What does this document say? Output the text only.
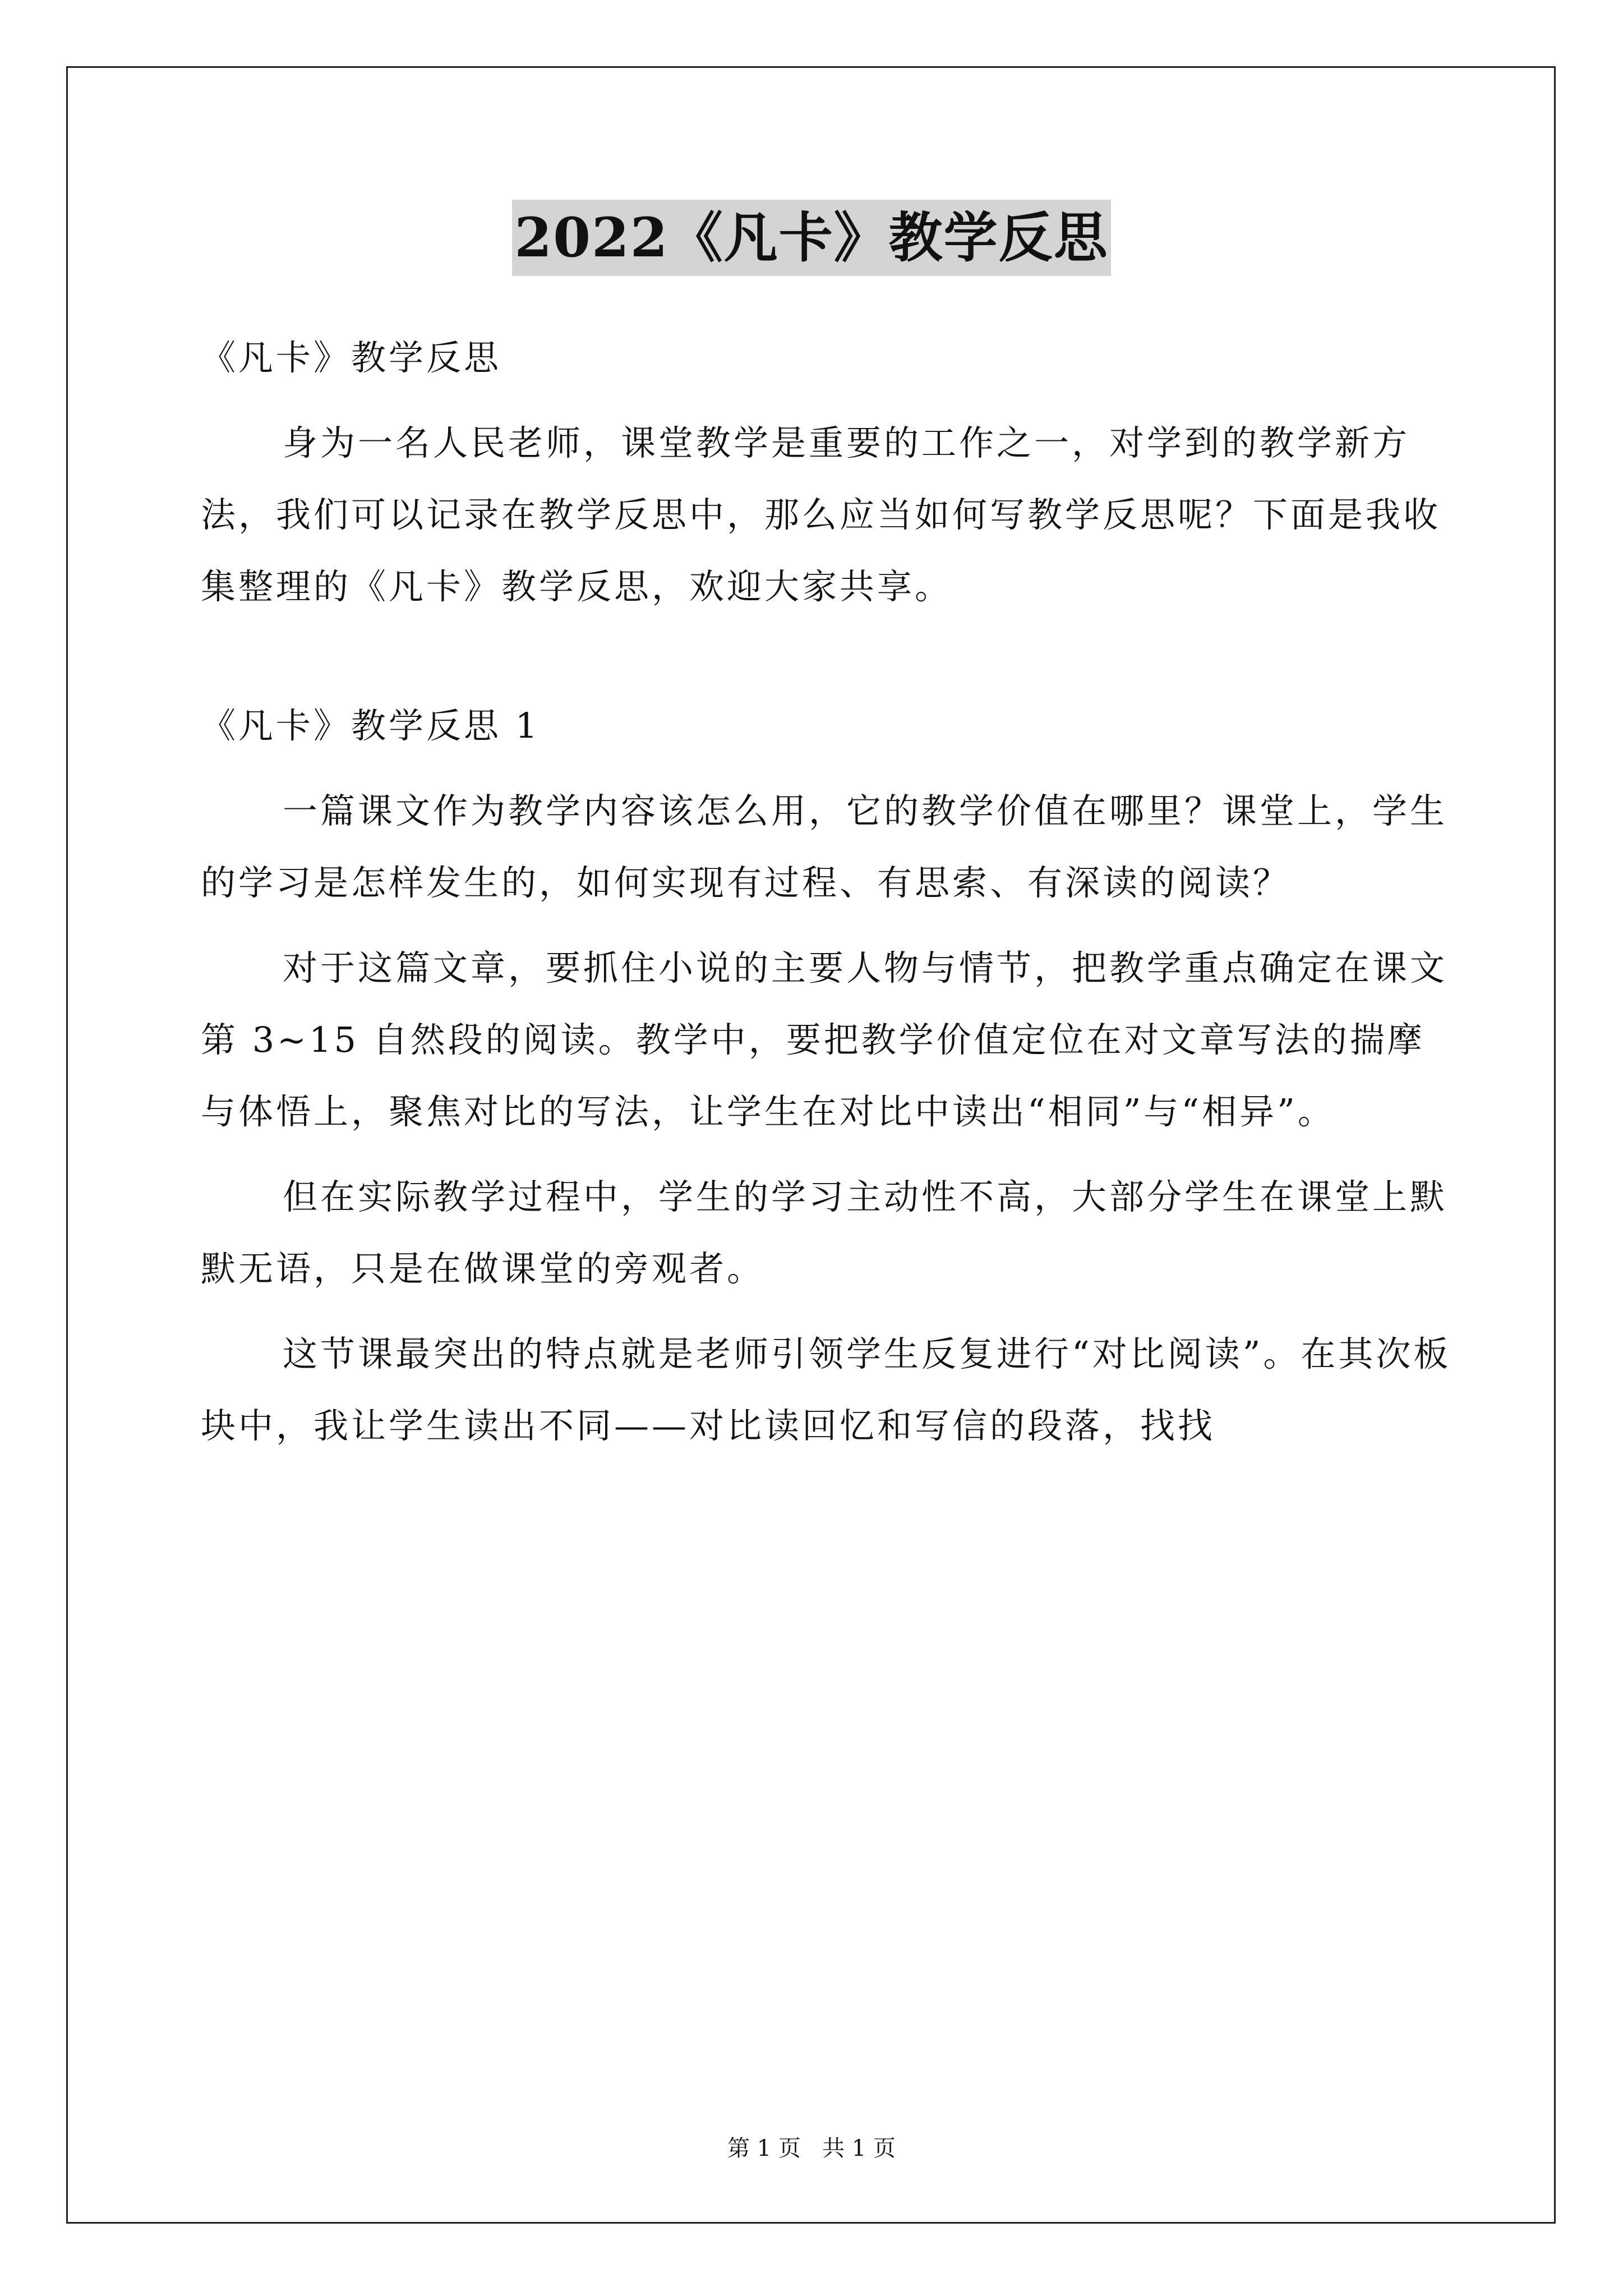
2022《凡卡》教学反思

《凡卡》教学反思

身为一名人民老师，课堂教学是重要的工作之一，对学到的教学新方法，我们可以记录在教学反思中，那么应当如何写教学反思呢？下面是我收集整理的《凡卡》教学反思，欢迎大家共享。

《凡卡》教学反思 1

一篇课文作为教学内容该怎么用，它的教学价值在哪里？课堂上，学生的学习是怎样发生的，如何实现有过程、有思索、有深读的阅读？

对于这篇文章，要抓住小说的主要人物与情节，把教学重点确定在课文第 3~15 自然段的阅读。教学中，要把教学价值定位在对文章写法的揣摩与体悟上，聚焦对比的写法，让学生在对比中读出“相同”与“相异”。

但在实际教学过程中，学生的学习主动性不高，大部分学生在课堂上默默无语，只是在做课堂的旁观者。

这节课最突出的特点就是老师引领学生反复进行“对比阅读”。在其次板块中，我让学生读出不同——对比读回忆和写信的段落，找找

第 1 页   共 1 页
